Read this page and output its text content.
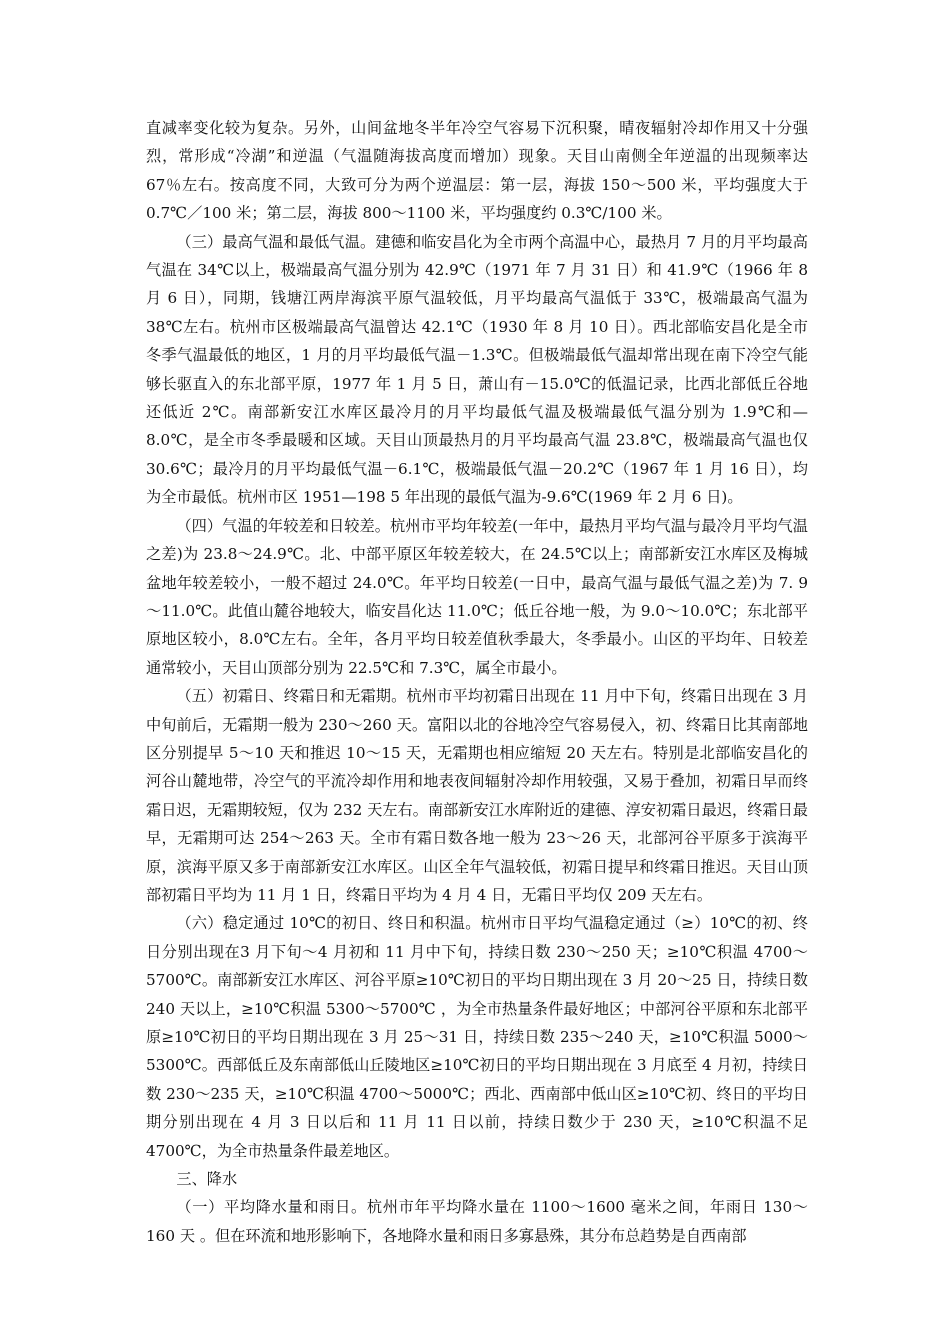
直减率变化较为复杂。另外，山间盆地冬半年冷空气容易下沉积聚，晴夜辐射冷却作用又十分强烈，常形成“冷湖”和逆温（气温随海拔高度而增加）现象。天目山南侧全年逆温的出现频率达 67％左右。按高度不同，大致可分为两个逆温层：第一层，海拔 150～500 米，平均强度大于 0.7℃／100 米；第二层，海拔 800～1100 米，平均强度约 0.3℃/100 米。

（三）最高气温和最低气温。建德和临安昌化为全市两个高温中心，最热月 7 月的月平均最高气温在 34℃以上，极端最高气温分别为 42.9℃（1971 年 7 月 31 日）和 41.9℃（1966 年 8 月 6 日），同期，钱塘江两岸海滨平原气温较低，月平均最高气温低于 33℃，极端最高气温为 38℃左右。杭州市区极端最高气温曾达 42.1℃（1930 年 8 月 10 日）。西北部临安昌化是全市冬季气温最低的地区，1 月的月平均最低气温－1.3℃。但极端最低气温却常出现在南下冷空气能够长驱直入的东北部平原，1977 年 1 月 5 日，萧山有－15.0℃的低温记录，比西北部低丘谷地还低近 2℃。南部新安江水库区最冷月的月平均最低气温及极端最低气温分别为 1.9℃和—8.0℃，是全市冬季最暖和区域。天目山顶最热月的月平均最高气温 23.8℃，极端最高气温也仅 30.6℃；最冷月的月平均最低气温－6.1℃，极端最低气温－20.2℃（1967 年 1 月 16 日），均为全市最低。杭州市区 1951—198 5 年出现的最低气温为-9.6℃(1969 年 2 月 6 日)。

（四）气温的年较差和日较差。杭州市平均年较差(一年中，最热月平均气温与最冷月平均气温之差)为 23.8～24.9℃。北、中部平原区年较差较大，在 24.5℃以上；南部新安江水库区及梅城盆地年较差较小，一般不超过 24.0℃。年平均日较差(一日中，最高气温与最低气温之差)为 7. 9～11.0℃。此值山麓谷地较大，临安昌化达 11.0℃；低丘谷地一般，为 9.0～10.0℃；东北部平原地区较小，8.0℃左右。全年，各月平均日较差值秋季最大，冬季最小。山区的平均年、日较差通常较小，天目山顶部分别为 22.5℃和 7.3℃，属全市最小。

（五）初霜日、终霜日和无霜期。杭州市平均初霜日出现在 11 月中下旬，终霜日出现在 3 月中旬前后，无霜期一般为 230～260 天。富阳以北的谷地冷空气容易侵入，初、终霜日比其南部地区分别提早 5～10 天和推迟 10～15 天，无霜期也相应缩短 20 天左右。特别是北部临安昌化的河谷山麓地带，冷空气的平流冷却作用和地表夜间辐射冷却作用较强，又易于叠加，初霜日早而终霜日迟，无霜期较短，仅为 232 天左右。南部新安江水库附近的建德、淳安初霜日最迟，终霜日最早，无霜期可达 254～263 天。全市有霜日数各地一般为 23～26 天，北部河谷平原多于滨海平原，滨海平原又多于南部新安江水库区。山区全年气温较低，初霜日提早和终霜日推迟。天目山顶部初霜日平均为 11 月 1 日，终霜日平均为 4 月 4 日，无霜日平均仅 209 天左右。

（六）稳定通过 10℃的初日、终日和积温。杭州市日平均气温稳定通过（≥）10℃的初、终日分别出现在3 月下旬～4 月初和 11 月中下旬，持续日数 230～250 天；≥10℃积温 4700～5700℃。南部新安江水库区、河谷平原≥10℃初日的平均日期出现在 3 月 20～25 日，持续日数 240 天以上，≥10℃积温 5300～5700℃ ，为全市热量条件最好地区；中部河谷平原和东北部平原≥10℃初日的平均日期出现在 3 月 25～31 日，持续日数 235～240 天，≥10℃积温 5000～ 5300℃。西部低丘及东南部低山丘陵地区≥10℃初日的平均日期出现在 3 月底至 4 月初，持续日数 230～235 天，≥10℃积温 4700～5000℃；西北、西南部中低山区≥10℃初、终日的平均日期分别出现在 4 月 3 日以后和 11 月 11 日以前，持续日数少于 230 天，≥10℃积温不足 4700℃，为全市热量条件最差地区。

三、降水

（一）平均降水量和雨日。杭州市年平均降水量在 1100～1600 毫米之间，年雨日 130～160 天 。但在环流和地形影响下，各地降水量和雨日多寡悬殊，其分布总趋势是自西南部
